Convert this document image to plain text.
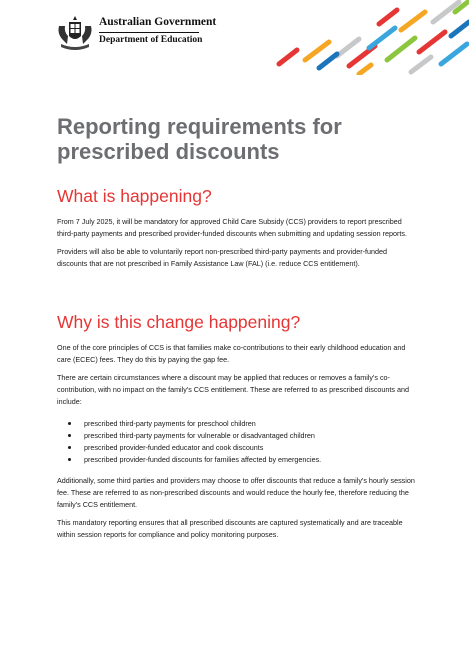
Australian Government
Department of Education
Reporting requirements for prescribed discounts
What is happening?

From 7 July 2025, it will be mandatory for approved Child Care Subsidy (CCS) providers to report prescribed third-party payments and prescribed provider-funded discounts when submitting and updating session reports.

Providers will also be able to voluntarily report non-prescribed third-party payments and provider-funded discounts that are not prescribed in Family Assistance Law (FAL) (i.e. reduce CCS entitlement).

Why is this change happening?

One of the core principles of CCS is that families make co-contributions to their early childhood education and care (ECEC) fees. They do this by paying the gap fee.

There are certain circumstances where a discount may be applied that reduces or removes a family's co-contribution, with no impact on the family's CCS entitlement. These are referred to as prescribed discounts and include:

prescribed third-party payments for preschool children
prescribed third-party payments for vulnerable or disadvantaged children
prescribed provider-funded educator and cook discounts
prescribed provider-funded discounts for families affected by emergencies.

Additionally, some third parties and providers may choose to offer discounts that reduce a family's hourly session fee. These are referred to as non-prescribed discounts and would reduce the hourly fee, therefore reducing the family's CCS entitlement.

This mandatory reporting ensures that all prescribed discounts are captured systematically and are traceable within session reports for compliance and policy monitoring purposes.
